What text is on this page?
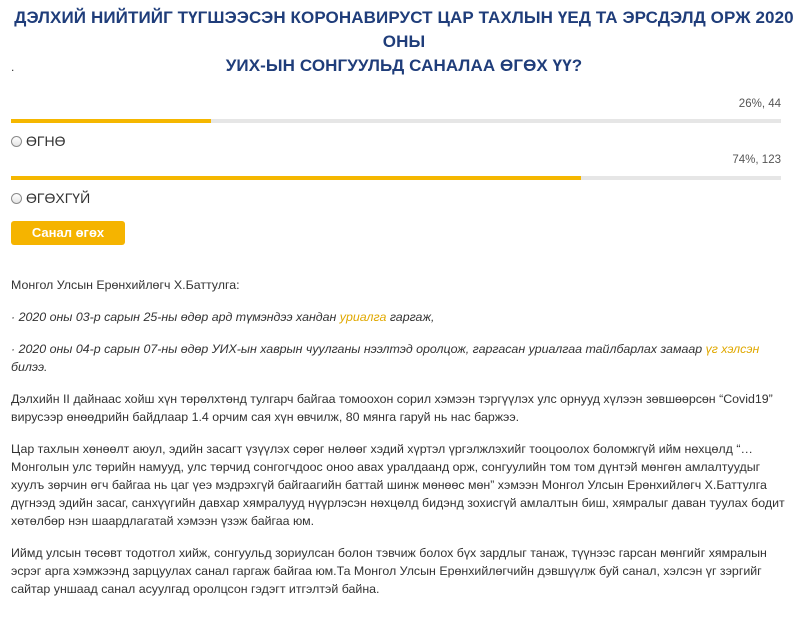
ДЭЛХИЙ НИЙТИЙГ ТҮГШЭЭСЭН КОРОНАВИРУСТ ЦАР ТАХЛЫН ҮЕД ТА ЭРСДЭЛД ОРЖ 2020 ОНЫ
УИХ-ЫН СОНГУУЛЬД САНАЛАА ӨГӨХ ҮҮ?
.
26%, 44
ӨГНӨ
74%, 123
ӨГӨХГҮЙ
Санал өгөх

Монгол Улсын Ерөнхийлөгч Х.Баттулга:

· 2020 оны 03-р сарын 25-ны өдөр ард түмэндээ хандан уриалга гаргаж,

· 2020 оны 04-р сарын 07-ны өдөр УИХ-ын хаврын чуулганы нээлтэд оролцож, гаргасан уриалгаа тайлбарлах замаар үг хэлсэн
билээ.

Дэлхийн II дайнаас хойш хүн төрөлхтөнд тулгарч байгаа томоохон сорил хэмээн тэргүүлэх улс орнууд хүлээн зөвшөөрсөн “Covid19” вирусээр өнөөдрийн байдлаар 1.4 орчим сая хүн өвчилж, 80 мянга гаруй нь нас баржээ.

Цар тахлын хөнөөлт аюул, эдийн засагт үзүүлэх сөрөг нөлөөг хэдий хүртэл үргэлжлэхийг тооцоолох боломжгүй ийм нөхцөлд “…Монголын улс төрийн намууд, улс төрчид сонгогчдоос оноо авах уралдаанд орж, сонгуулийн том том дүнтэй мөнгөн амлалтуудыг хуулъ зөрчин өгч байгаа нь цаг үеэ мэдрэхгүй байгаагийн баттай шинж мөнөөс мөн” хэмээн Монгол Улсын Ерөнхийлөгч Х.Баттулга дүгнээд эдийн засаг, санхүүгийн давхар хямралууд нүүрлэсэн нөхцөлд бидэнд зохисгүй амлалтын биш, хямралыг даван туулах бодит хөтөлбөр нэн шаардлагатай хэмээн үзэж байгаа юм.

Иймд улсын төсөвт тодотгол хийж, сонгуульд зориулсан болон тэвчиж болох бүх зардлыг танаж, түүнээс гарсан мөнгийг хямралын эсрэг арга хэмжээнд зарцуулах санал гаргаж байгаа юм.Та Монгол Улсын Ерөнхийлөгчийн дэвшүүлж буй санал, хэлсэн үг зэргийг сайтар уншаад санал асуулгад оролцсон гэдэгт итгэлтэй байна.
